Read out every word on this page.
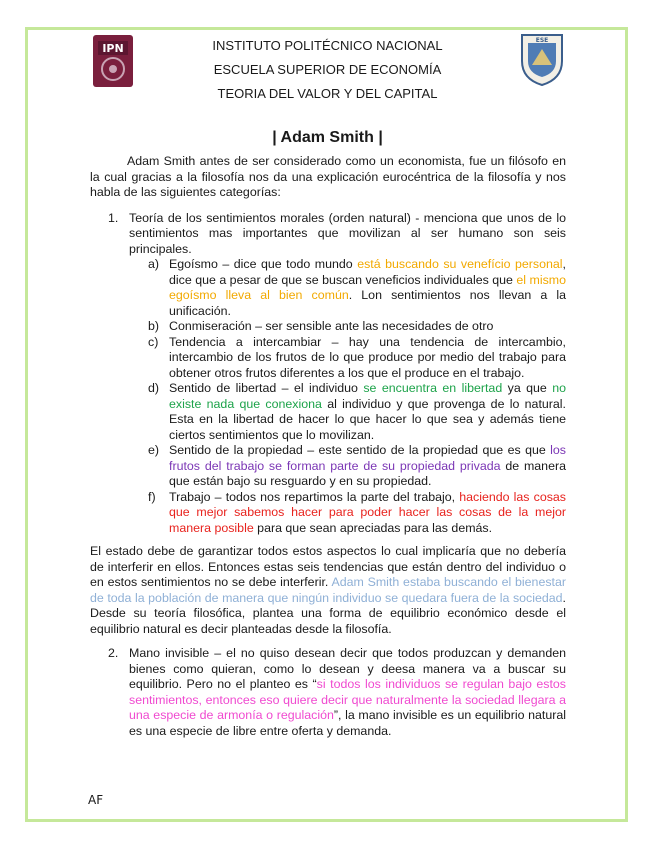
IPN
ESE
INSTITUTO POLITÉCNICO NACIONAL
ESCUELA SUPERIOR DE ECONOMÍA
TEORIA DEL VALOR Y DEL CAPITAL
| Adam Smith |

Adam Smith antes de ser considerado como un economista, fue un filósofo en la cual gracias a la filosofía nos da una explicación eurocéntrica de la filosofía y nos habla de las siguientes categorías:

1. Teoría de los sentimientos morales (orden natural) - menciona que unos de lo sentimientos mas importantes que movilizan al ser humano son seis principales.
a) Egoísmo – dice que todo mundo está buscando su venefício personal, dice que a pesar de que se buscan veneficios individuales que el mismo egoísmo lleva al bien común. Lon sentimientos nos llevan a la unificación.
b) Conmiseración – ser sensible ante las necesidades de otro
c) Tendencia a intercambiar – hay una tendencia de intercambio, intercambio de los frutos de lo que produce por medio del trabajo para obtener otros frutos diferentes a los que el produce en el trabajo.
d) Sentido de libertad – el individuo se encuentra en libertad ya que no existe nada que conexiona al individuo y que provenga de lo natural. Esta en la libertad de hacer lo que hacer lo que sea y además tiene ciertos sentimientos que lo movilizan.
e) Sentido de la propiedad – este sentido de la propiedad que es que los frutos del trabajo se forman parte de su propiedad privada de manera que están bajo su resguardo y en su propiedad.
f) Trabajo – todos nos repartimos la parte del trabajo, haciendo las cosas que mejor sabemos hacer para poder hacer las cosas de la mejor manera posible para que sean apreciadas para las demás.

El estado debe de garantizar todos estos aspectos lo cual implicaría que no debería de interferir en ellos. Entonces estas seis tendencias que están dentro del individuo o en estos sentimientos no se debe interferir. Adam Smith estaba buscando el bienestar de toda la población de manera que ningún individuo se quedara fuera de la sociedad. Desde su teoría filosófica, plantea una forma de equilibrio económico desde el equilibrio natural es decir planteadas desde la filosofía.

2. Mano invisible – el no quiso desean decir que todos produzcan y demanden bienes como quieran, como lo desean y deesa manera va a buscar su equilibrio. Pero no el planteo es “si todos los individuos se regulan bajo estos sentimientos, entonces eso quiere decir que naturalmente la sociedad llegara a una especie de armonía o regulación”, la mano invisible es un equilibrio natural es una especie de libre entre oferta y demanda.
AF
